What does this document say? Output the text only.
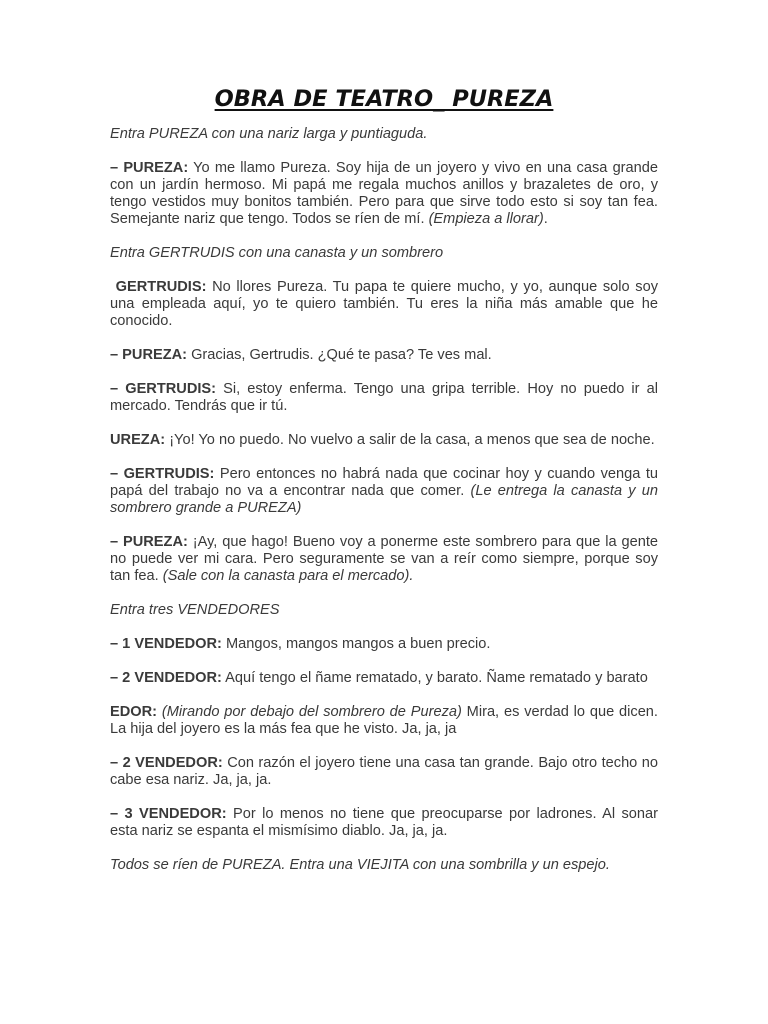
OBRA DE TEATRO_ PUREZA

Entra PUREZA con una nariz larga y puntiaguda.

– PUREZA: Yo me llamo Pureza. Soy hija de un joyero y vivo en una casa grande con un jardín hermoso. Mi papá me regala muchos anillos y brazaletes de oro, y tengo vestidos muy bonitos también. Pero para que sirve todo esto si soy tan fea. Semejante nariz que tengo. Todos se ríen de mí. (Empieza a llorar).

Entra GERTRUDIS con una canasta y un sombrero

GERTRUDIS: No llores Pureza. Tu papa te quiere mucho, y yo, aunque solo soy una empleada aquí, yo te quiero también. Tu eres la niña más amable que he conocido.

– PUREZA: Gracias, Gertrudis. ¿Qué te pasa? Te ves mal.

– GERTRUDIS: Si, estoy enferma. Tengo una gripa terrible. Hoy no puedo ir al mercado. Tendrás que ir tú.

UREZA: ¡Yo! Yo no puedo. No vuelvo a salir de la casa, a menos que sea de noche.

– GERTRUDIS: Pero entonces no habrá nada que cocinar hoy y cuando venga tu papá del trabajo no va a encontrar nada que comer. (Le entrega la canasta y un sombrero grande a PUREZA)

– PUREZA: ¡Ay, que hago! Bueno voy a ponerme este sombrero para que la gente no puede ver mi cara. Pero seguramente se van a reír como siempre, porque soy tan fea. (Sale con la canasta para el mercado).

Entra tres VENDEDORES

– 1 VENDEDOR: Mangos, mangos mangos a buen precio.

– 2 VENDEDOR: Aquí tengo el ñame rematado, y barato. Ñame rematado y barato

EDOR: (Mirando por debajo del sombrero de Pureza) Mira, es verdad lo que dicen. La hija del joyero es la más fea que he visto. Ja, ja, ja

– 2 VENDEDOR: Con razón el joyero tiene una casa tan grande. Bajo otro techo no cabe esa nariz. Ja, ja, ja.

– 3 VENDEDOR: Por lo menos no tiene que preocuparse por ladrones. Al sonar esta nariz se espanta el mismísimo diablo. Ja, ja, ja.

Todos se ríen de PUREZA. Entra una VIEJITA con una sombrilla y un espejo.
